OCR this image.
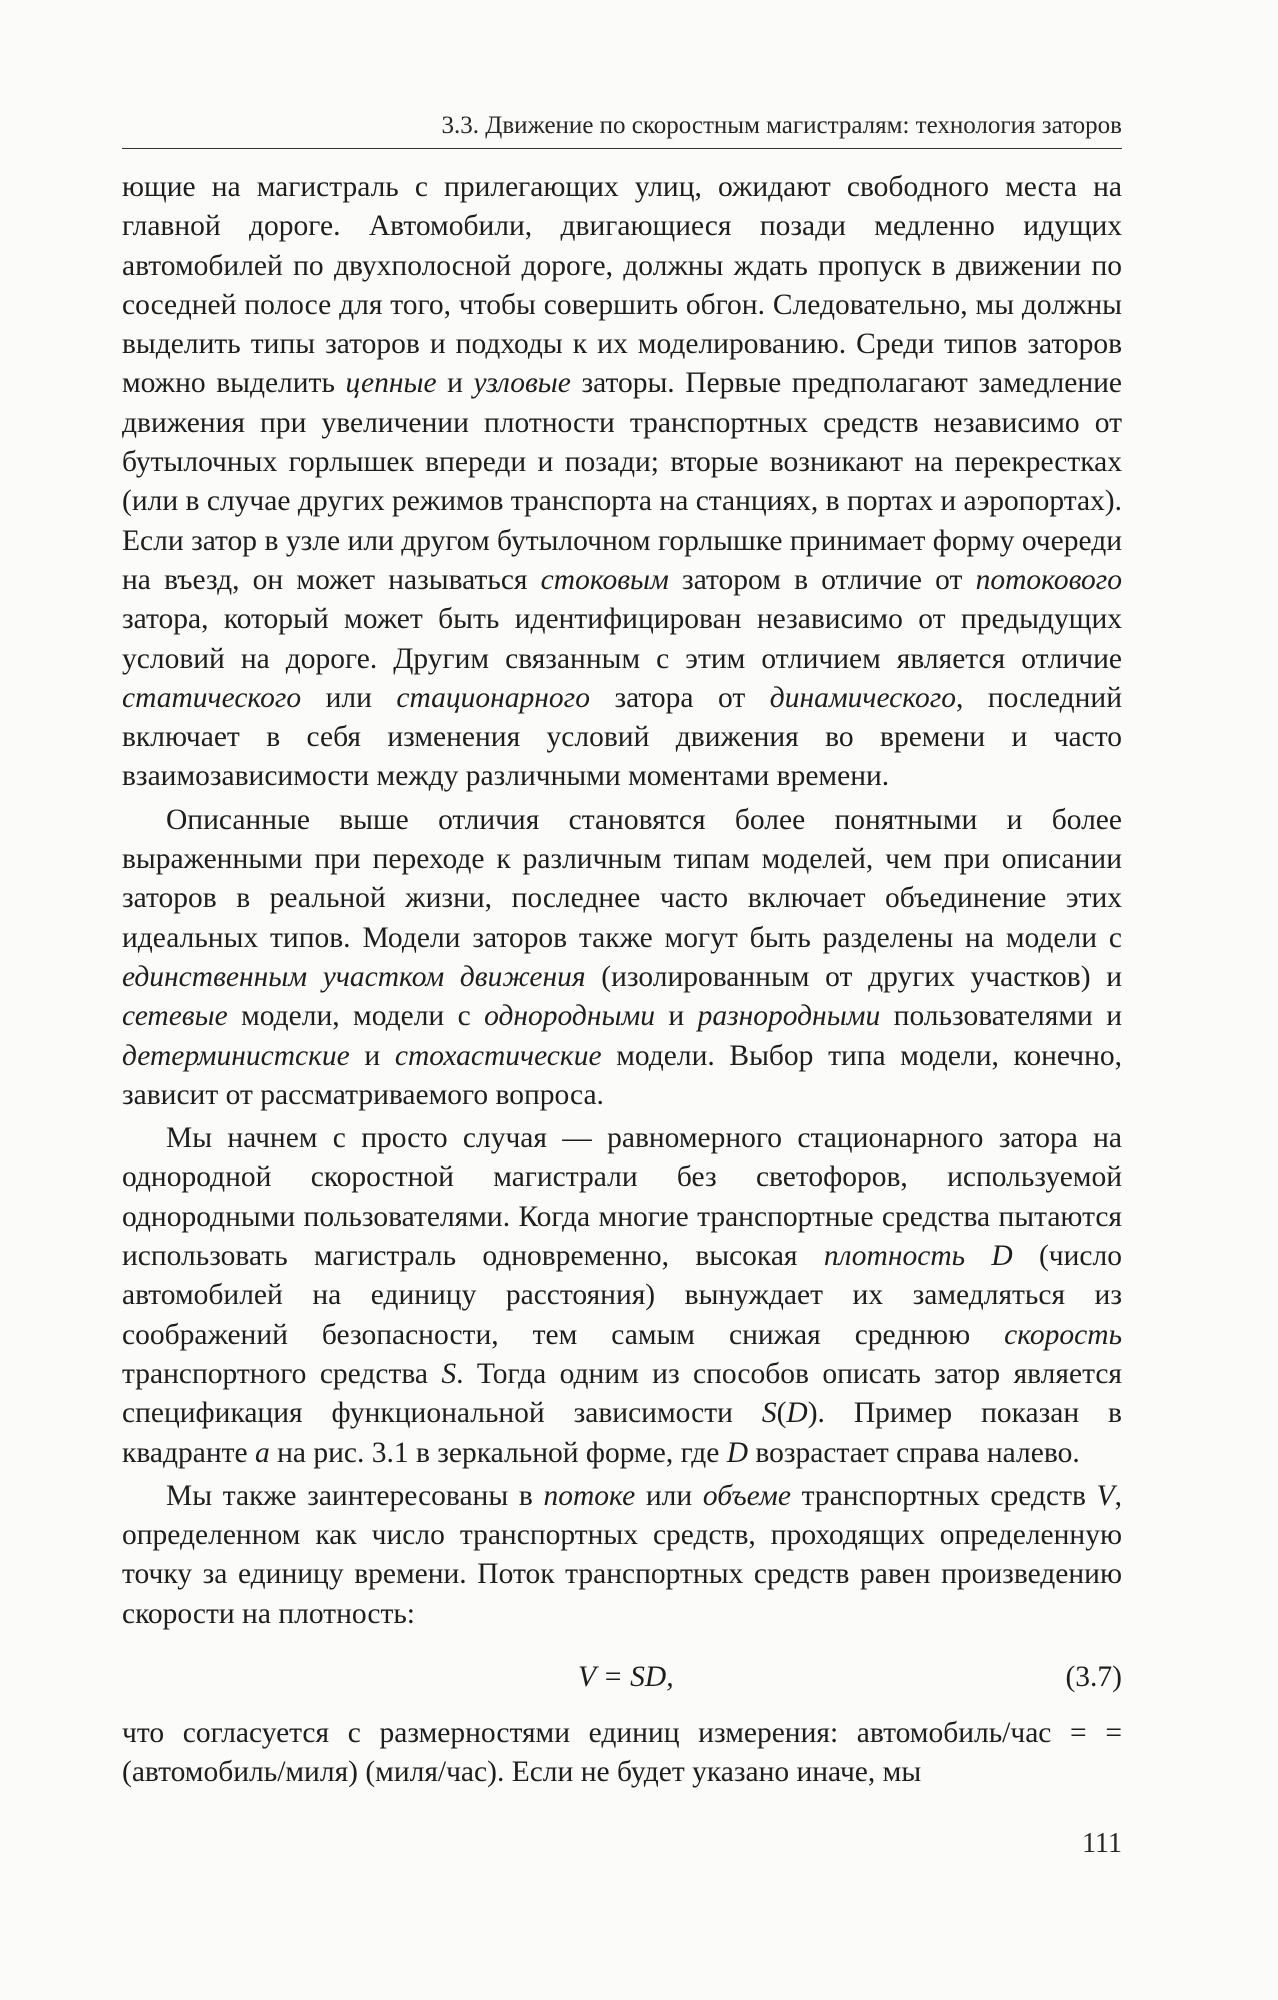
3.3. Движение по скоростным магистралям: технология заторов

ющие на магистраль с прилегающих улиц, ожидают свободного места на главной дороге. Автомобили, двигающиеся позади медленно идущих автомобилей по двухполосной дороге, должны ждать пропуск в движении по соседней полосе для того, чтобы совершить обгон. Следовательно, мы должны выделить типы заторов и подходы к их моделированию. Среди типов заторов можно выделить цепные и узловые заторы. Первые предполагают замедление движения при увеличении плотности транспортных средств независимо от бутылочных горлышек впереди и позади; вторые возникают на перекрестках (или в случае других режимов транспорта на станциях, в портах и аэропортах). Если затор в узле или другом бутылочном горлышке принимает форму очереди на въезд, он может называться стоковым затором в отличие от потокового затора, который может быть идентифицирован независимо от предыдущих условий на дороге. Другим связанным с этим отличием является отличие статического или стационарного затора от динамического, последний включает в себя изменения условий движения во времени и часто взаимозависимости между различными моментами времени.

Описанные выше отличия становятся более понятными и более выраженными при переходе к различным типам моделей, чем при описании заторов в реальной жизни, последнее часто включает объединение этих идеальных типов. Модели заторов также могут быть разделены на модели с единственным участком движения (изолированным от других участков) и сетевые модели, модели с однородными и разнородными пользователями и детерминистские и стохастические модели. Выбор типа модели, конечно, зависит от рассматриваемого вопроса.

Мы начнем с просто случая — равномерного стационарного затора на однородной скоростной магистрали без светофоров, используемой однородными пользователями. Когда многие транспортные средства пытаются использовать магистраль одновременно, высокая плотность D (число автомобилей на единицу расстояния) вынуждает их замедляться из соображений безопасности, тем самым снижая среднюю скорость транспортного средства S. Тогда одним из способов описать затор является спецификация функциональной зависимости S(D). Пример показан в квадранте a на рис. 3.1 в зеркальной форме, где D возрастает справа налево.

Мы также заинтересованы в потоке или объеме транспортных средств V, определенном как число транспортных средств, проходящих определенную точку за единицу времени. Поток транспортных средств равен произведению скорости на плотность:

V = SD,	(3.7)

что согласуется с размерностями единиц измерения: автомобиль/час = = (автомобиль/миля) (миля/час). Если не будет указано иначе, мы

111
